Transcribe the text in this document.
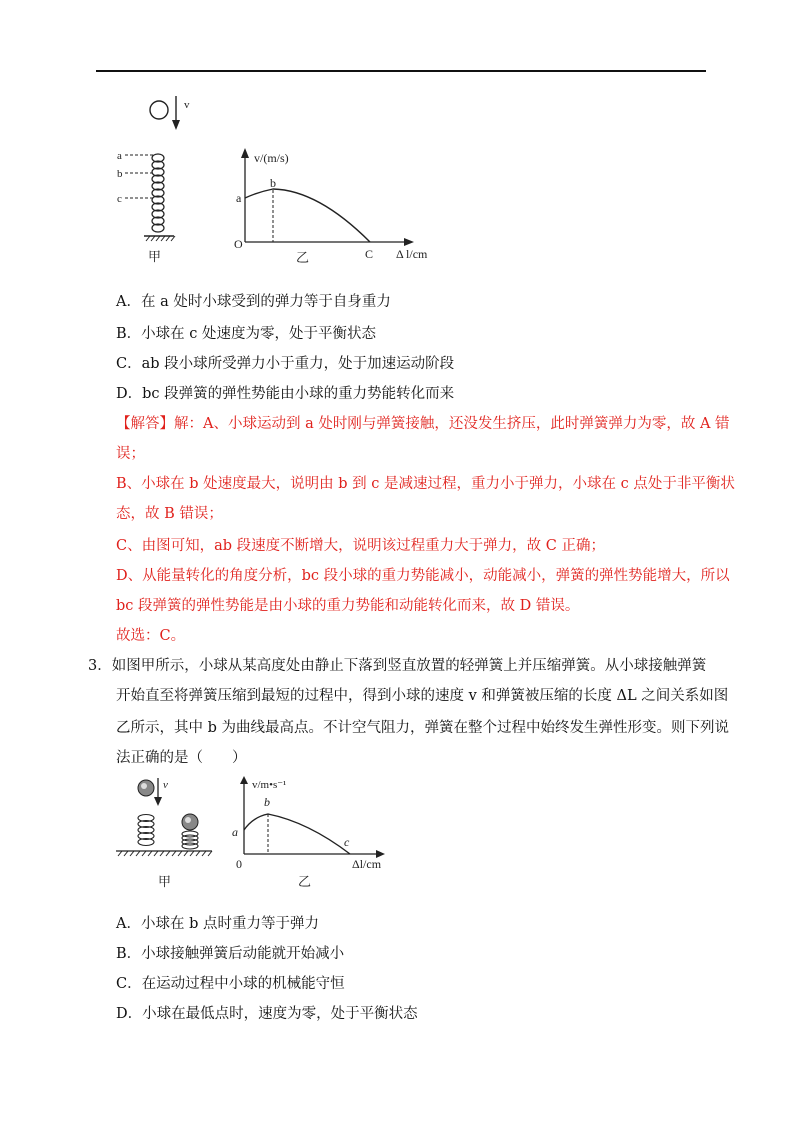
v
a
b
c
甲
v/(m/s)
O
a
b
C Δ l/cm
乙
A．在 a 处时小球受到的弹力等于自身重力
B．小球在 c 处速度为零，处于平衡状态
C．ab 段小球所受弹力小于重力，处于加速运动阶段
D．bc 段弹簧的弹性势能由小球的重力势能转化而来
【解答】解：A、小球运动到 a 处时刚与弹簧接触，还没发生挤压，此时弹簧弹力为零，故 A 错
误；
B、小球在 b 处速度最大，说明由 b 到 c 是减速过程，重力小于弹力，小球在 c 点处于非平衡状
态，故 B 错误；
C、由图可知，ab 段速度不断增大，说明该过程重力大于弹力，故 C 正确；
D、从能量转化的角度分析，bc 段小球的重力势能减小，动能减小，弹簧的弹性势能增大，所以
bc 段弹簧的弹性势能是由小球的重力势能和动能转化而来，故 D 错误。
故选：C。
3．如图甲所示，小球从某高度处由静止下落到竖直放置的轻弹簧上并压缩弹簧。从小球接触弹簧
开始直至将弹簧压缩到最短的过程中，得到小球的速度 v 和弹簧被压缩的长度 ΔL 之间关系如图
乙所示，其中 b 为曲线最高点。不计空气阻力，弹簧在整个过程中始终发生弹性形变。则下列说
法正确的是（　　）
v
甲
v/m•s⁻¹
0
a
b
c
Δl/cm
乙
A．小球在 b 点时重力等于弹力
B．小球接触弹簧后动能就开始减小
C．在运动过程中小球的机械能守恒
D．小球在最低点时，速度为零，处于平衡状态
